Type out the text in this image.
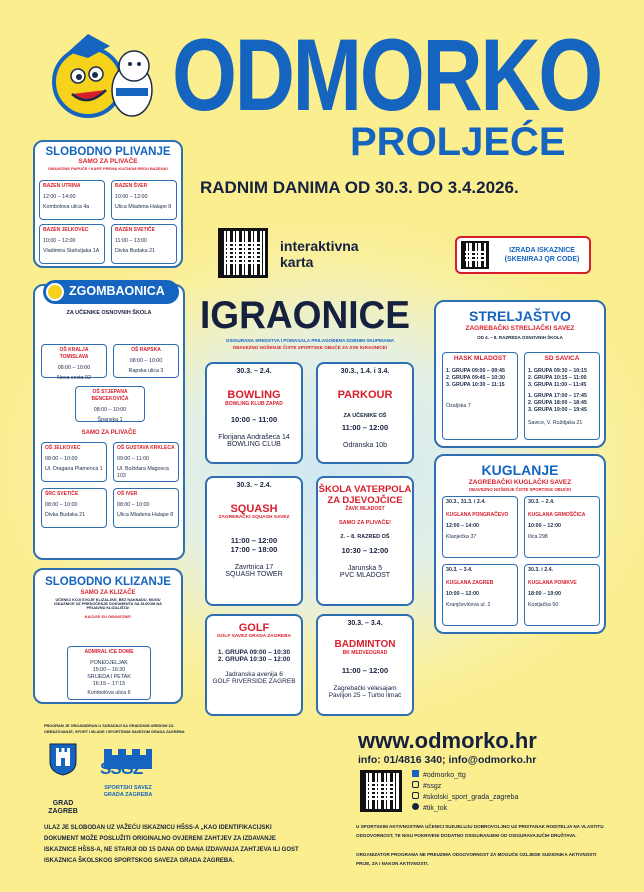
ODMORKO
PROLJEĆE
RADNIM DANIMA OD 30.3. DO 3.4.2026.
interaktivna
karta
IZRADA ISKAZNICE
(SKENIRAJ QR CODE)
SLOBODNO PLIVANJE
SAMO ZA PLIVAČE
OBAVEZNE PAPUČE I KAPE PREMA KUĆNOM REDU BAZENA!
BAZEN UTRINA
12:00 – 14:00
Kombolova ulica 4a
BAZEN ŠVER
10:00 – 12:00
Ulica Mladena Halape 8
BAZEN JELKOVEC
10:00 – 12:00
Vladimira Stahuljaka 1A
BAZEN SVETIČE
11:00 – 13:00
Divka Budaka 21
ZGOMBAONICA
ZA UČENIKE OSNOVNIH ŠKOLA
OŠ KRALJA TOMISLAVA
08:00 – 10:00
Nova cesta 92
OŠ RAPSKA
08:00 – 10:00
Rapska ulica 3
OŠ STJEPANA BENCEKOVIĆA
08:00 – 10:00
Španska 1
SAMO ZA PLIVAČE
OŠ JELKOVEC
08:00 – 10:00
Ul. Dragana Plamenca 1
OŠ GUSTAVA KRKLECA
09:00 – 11:00
Ul. Božidara Magovca 103
ŠRC SVETIČE
08:00 – 10:00
Divka Budaka 21
OŠ IVER
08:00 – 10:00
Ulica Mladena Halape 8
SLOBODNO KLIZANJE
SAMO ZA KLIZAČE
UČENICI KOJI SVOJE KLIZALJKE, BEZ NAKNADU, MOGU ISKAZNICE UZ PREDOČENJE DOKUMENTA SA SLIKOM NA PRIJAVNU KLIZALIŠTA!
KACIGE SU OBAVEZNE!
ADMIRAL ICE DOME
PONEDJELJAK
15:00 – 16:30
SRIJEDA I PETAK
16:15 – 17:15
Kombolova ulica 6
IGRAONICE
OSIGURANA SREDSTVA I POMAGALA PRILAGOĐENA DOBNIM SKUPINAMA
OBAVEZNO NOŠENJE ČISTE SPORTSKE OBUĆE ZA SVE IGRAONICE!
30.3. – 2.4.
BOWLING
BOWLING KLUB ZAPAD
10:00 – 11:00
Florijana Andrašeca 14
BOWLING CLUB
30.3., 1.4. i 3.4.
PARKOUR
ZA UČENIKE OŠ
11:00 – 12:00
Odranska 10b
30.3. – 2.4.
SQUASH
ZAGREBAČKI SQUASH SAVEZ
11:00 – 12:00
17:00 – 18:00
Zavrtnica 17
SQUASH TOWER
ŠKOLA VATERPOLA
ZA DJEVOJČICE
ŽAVK MLADOST
SAMO ZA PLIVAČE!
2. – 8. RAZRED OŠ
10:30 – 12:00
Jarunska 5
PVC MLADOST
GOLF
GOLF SAVEZ GRADA ZAGREBA
1. GRUPA 09:00 – 10:30
2. GRUPA 10:30 – 12:00
Jadranska avenija 6
GOLF RIVERSIDE ZAGREB
30.3. – 3.4.
BADMINTON
BK MEDVEDGRAD
11:00 – 12:00
Zagrebački velesajam
Paviljon 25 – Turbo limač
STRELJAŠTVO
ZAGREBAČKI STRELJAČKI SAVEZ
OD 4. – 8. RAZREDA OSNOVNIH ŠKOLA
HASK MLADOST
1. GRUPA 09:00 – 09:45
2. GRUPA 09:45 – 10:30
3. GRUPA 10:30 – 11:15
Ozaljska 7
SD SAVICA
1. GRUPA 09:30 – 10:15
2. GRUPA 10:15 – 11:00
3. GRUPA 11:00 – 11:45
1. GRUPA 17:00 – 17:45
2. GRUPA 18:00 – 18:45
3. GRUPA 19:00 – 19:45
Savice, V. Ruždjaka 21
KUGLANJE
ZAGREBAČKI KUGLAČKI SAVEZ
OBAVEZNO NOŠENJE ČISTE SPORTSKE OBUĆE!
30.3., 31.3. i 2.4.
KUGLANA PONGRAČEVO
12:00 – 14:00
Klanječka 37
30.3. – 2.4.
KUGLANA GRMOŠČICA
10:00 – 12:00
Ilica 298
30.3. – 3.4.
KUGLANA ZAGREB
10:00 – 12:00
Kranjčevićeva ul. 2
30.3. i 2.4.
KUGLANA PONIKVE
18:00 – 19:00
Kostjačka 50
PROGRAM JE ORGANIZIRAN U SURADNJI SA GRADSKIM UREDOM ZA OBRAZOVANJE, SPORT I MLADE I SPORTSKIM SAVEZOM GRADA ZAGREBA
GRAD
ZAGREB
SSGZ
SPORTSKI SAVEZ
GRADA ZAGREBA
www.odmorko.hr
info: 01/4816 340; info@odmorko.hr
#odmorko_ttg
#ssgz
#skolski_sport_grada_zagreba
#tik_tok
ULAZ JE SLOBODAN UZ VAŽEĆU ISKAZNICU HŠSS-A „KAO IDENTIFIKACIJSKI DOKUMENT MOŽE POSLUŽITI ORIGINALNO OVJERENI ZAHTJEV ZA IZDAVANJE ISKAZNICE HŠSS-A, NE STARIJI OD 15 DANA OD DANA IZDAVANJA ZAHTJEVA ILI GOST ISKAZNICA ŠKOLSKOG SPORTSKOG SAVEZA GRADA ZAGREBA.
U SPORTSKIM AKTIVNOSTIMA UČENICI SUDJELUJU DOBROVOLJNO UZ PRISTANAK RODITELJA NA VLASTITU ODGOVORNOST, TE NISU POKRIVENI DODATNO OSIGURANJEM OD OSIGURAVAJUĆIH DRUŠTAVA.
ORGANIZATOR PROGRAMA NE PREUZIMA ODGOVORNOST ZA MOGUĆE OZLJEDE SUDIONIKA AKTIVNOSTI PRIJE, ZA I NAKON AKTIVNOSTI.
